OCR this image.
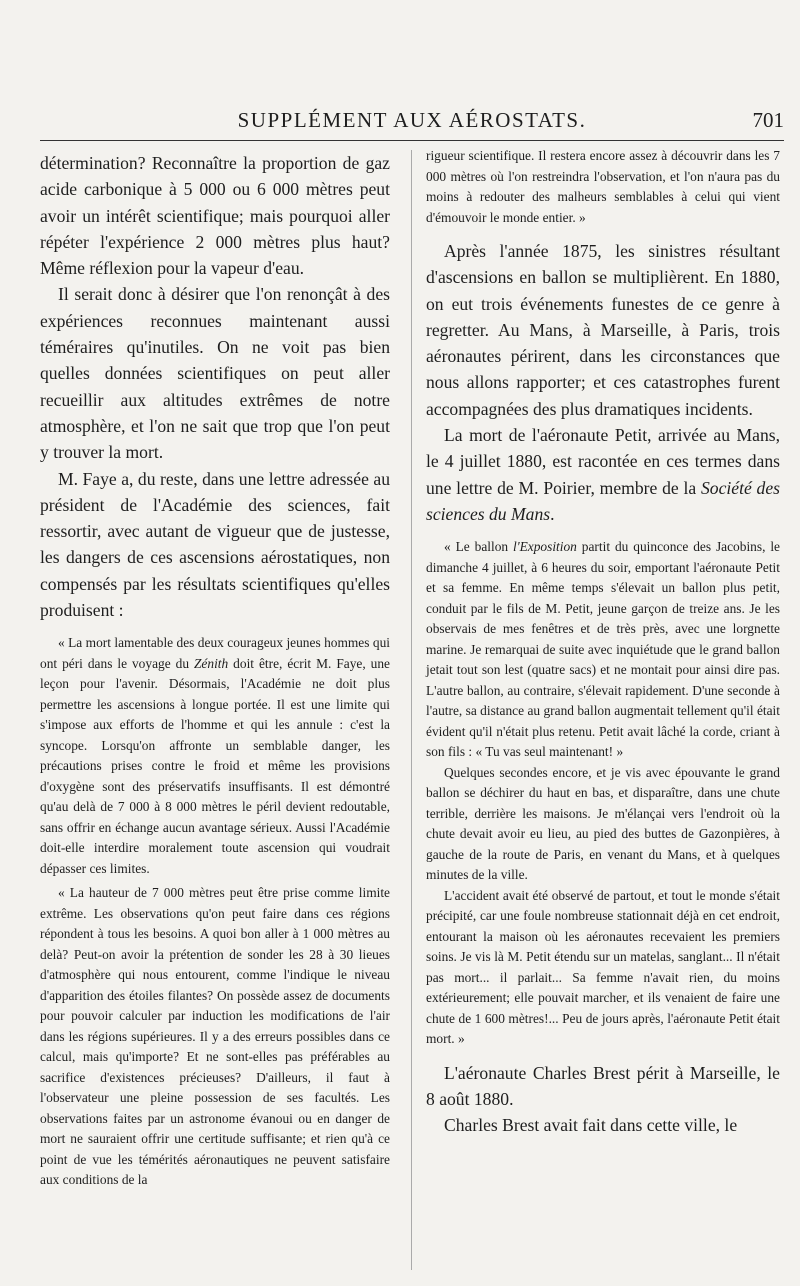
SUPPLÉMENT AUX AÉROSTATS.	701

détermination? Reconnaître la proportion de gaz acide carbonique à 5 000 ou 6 000 mètres peut avoir un intérêt scientifique; mais pourquoi aller répéter l'expérience 2 000 mètres plus haut? Même réflexion pour la vapeur d'eau.

Il serait donc à désirer que l'on renonçât à des expériences reconnues maintenant aussi téméraires qu'inutiles. On ne voit pas bien quelles données scientifiques on peut aller recueillir aux altitudes extrêmes de notre atmosphère, et l'on ne sait que trop que l'on peut y trouver la mort.

M. Faye a, du reste, dans une lettre adressée au président de l'Académie des sciences, fait ressortir, avec autant de vigueur que de justesse, les dangers de ces ascensions aérostatiques, non compensés par les résultats scientifiques qu'elles produisent :

« La mort lamentable des deux courageux jeunes hommes qui ont péri dans le voyage du Zénith doit être, écrit M. Faye, une leçon pour l'avenir. Désormais, l'Académie ne doit plus permettre les ascensions à longue portée. Il est une limite qui s'impose aux efforts de l'homme et qui les annule : c'est la syncope. Lorsqu'on affronte un semblable danger, les précautions prises contre le froid et même les provisions d'oxygène sont des préservatifs insuffisants. Il est démontré qu'au delà de 7 000 à 8 000 mètres le péril devient redoutable, sans offrir en échange aucun avantage sérieux. Aussi l'Académie doit-elle interdire moralement toute ascension qui voudrait dépasser ces limites.

« La hauteur de 7 000 mètres peut être prise comme limite extrême. Les observations qu'on peut faire dans ces régions répondent à tous les besoins. A quoi bon aller à 1 000 mètres au delà? Peut-on avoir la prétention de sonder les 28 à 30 lieues d'atmosphère qui nous entourent, comme l'indique le niveau d'apparition des étoiles filantes? On possède assez de documents pour pouvoir calculer par induction les modifications de l'air dans les régions supérieures. Il y a des erreurs possibles dans ce calcul, mais qu'importe? Et ne sont-elles pas préférables au sacrifice d'existences précieuses? D'ailleurs, il faut à l'observateur une pleine possession de ses facultés. Les observations faites par un astronome évanoui ou en danger de mort ne sauraient offrir une certitude suffisante; et rien qu'à ce point de vue les témérités aéronautiques ne peuvent satisfaire aux conditions de la

rigueur scientifique. Il restera encore assez à découvrir dans les 7 000 mètres où l'on restreindra l'observation, et l'on n'aura pas du moins à redouter des malheurs semblables à celui qui vient d'émouvoir le monde entier. »

Après l'année 1875, les sinistres résultant d'ascensions en ballon se multiplièrent. En 1880, on eut trois événements funestes de ce genre à regretter. Au Mans, à Marseille, à Paris, trois aéronautes périrent, dans les circonstances que nous allons rapporter; et ces catastrophes furent accompagnées des plus dramatiques incidents.

La mort de l'aéronaute Petit, arrivée au Mans, le 4 juillet 1880, est racontée en ces termes dans une lettre de M. Poirier, membre de la Société des sciences du Mans.

« Le ballon l'Exposition partit du quinconce des Jacobins, le dimanche 4 juillet, à 6 heures du soir, emportant l'aéronaute Petit et sa femme. En même temps s'élevait un ballon plus petit, conduit par le fils de M. Petit, jeune garçon de treize ans. Je les observais de mes fenêtres et de très près, avec une lorgnette marine. Je remarquai de suite avec inquiétude que le grand ballon jetait tout son lest (quatre sacs) et ne montait pour ainsi dire pas. L'autre ballon, au contraire, s'élevait rapidement. D'une seconde à l'autre, sa distance au grand ballon augmentait tellement qu'il était évident qu'il n'était plus retenu. Petit avait lâché la corde, criant à son fils : « Tu vas seul maintenant! »

Quelques secondes encore, et je vis avec épouvante le grand ballon se déchirer du haut en bas, et disparaître, dans une chute terrible, derrière les maisons. Je m'élançai vers l'endroit où la chute devait avoir eu lieu, au pied des buttes de Gazonpières, à gauche de la route de Paris, en venant du Mans, et à quelques minutes de la ville.

L'accident avait été observé de partout, et tout le monde s'était précipité, car une foule nombreuse stationnait déjà en cet endroit, entourant la maison où les aéronautes recevaient les premiers soins. Je vis là M. Petit étendu sur un matelas, sanglant... Il n'était pas mort... il parlait... Sa femme n'avait rien, du moins extérieurement; elle pouvait marcher, et ils venaient de faire une chute de 1 600 mètres!... Peu de jours après, l'aéronaute Petit était mort. »

L'aéronaute Charles Brest périt à Marseille, le 8 août 1880.

Charles Brest avait fait dans cette ville, le
